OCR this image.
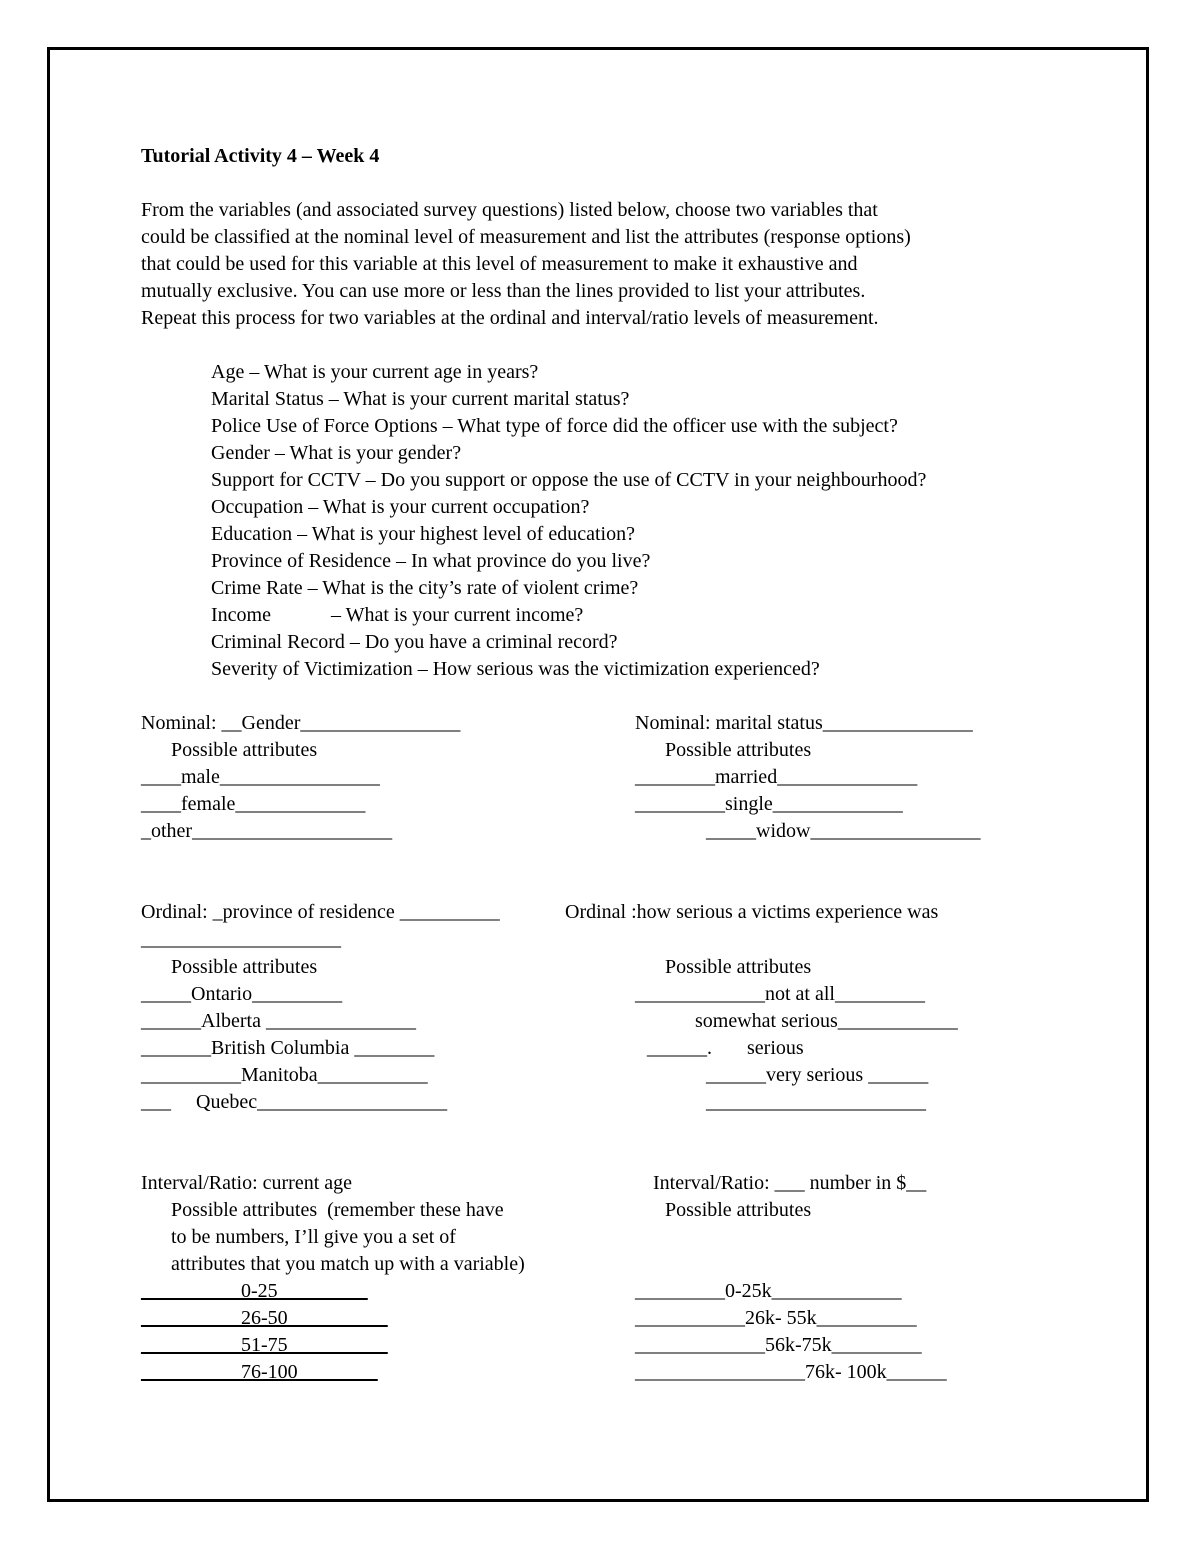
Tutorial Activity 4 – Week 4
From the variables (and associated survey questions) listed below, choose two variables that
could be classified at the nominal level of measurement and list the attributes (response options)
that could be used for this variable at this level of measurement to make it exhaustive and
mutually exclusive. You can use more or less than the lines provided to list your attributes.
Repeat this process for two variables at the ordinal and interval/ratio levels of measurement.
Age – What is your current age in years?
Marital Status – What is your current marital status?
Police Use of Force Options – What type of force did the officer use with the subject?
Gender – What is your gender?
Support for CCTV – Do you support or oppose the use of CCTV in your neighbourhood?
Occupation – What is your current occupation?
Education – What is your highest level of education?
Province of Residence – In what province do you live?
Crime Rate – What is the city’s rate of violent crime?
Income            – What is your current income?
Criminal Record – Do you have a criminal record?
Severity of Victimization – How serious was the victimization experienced?
Nominal: __Gender________________
Possible attributes
____male________________
____female_____________
_other____________________
Nominal: marital status_______________
Possible attributes
________married______________
_________single_____________
_____widow_________________
Ordinal: _province of residence __________
____________________
Possible attributes
_____Ontario_________
______Alberta _______________
_______British Columbia ________
__________Manitoba___________
___     Quebec___________________
Ordinal :how serious a victims experience was
Possible attributes
_____________not at all_________
somewhat serious____________
______.       serious
______very serious ______
______________________
Interval/Ratio: current age
Possible attributes  (remember these have
to be numbers, I’ll give you a set of
attributes that you match up with a variable)
__________0-25_________
__________26-50__________
__________51-75__________
__________76-100________
Interval/Ratio: ___ number in $__
Possible attributes
_________0-25k_____________
___________26k- 55k__________
_____________56k-75k_________
_________________76k- 100k______
